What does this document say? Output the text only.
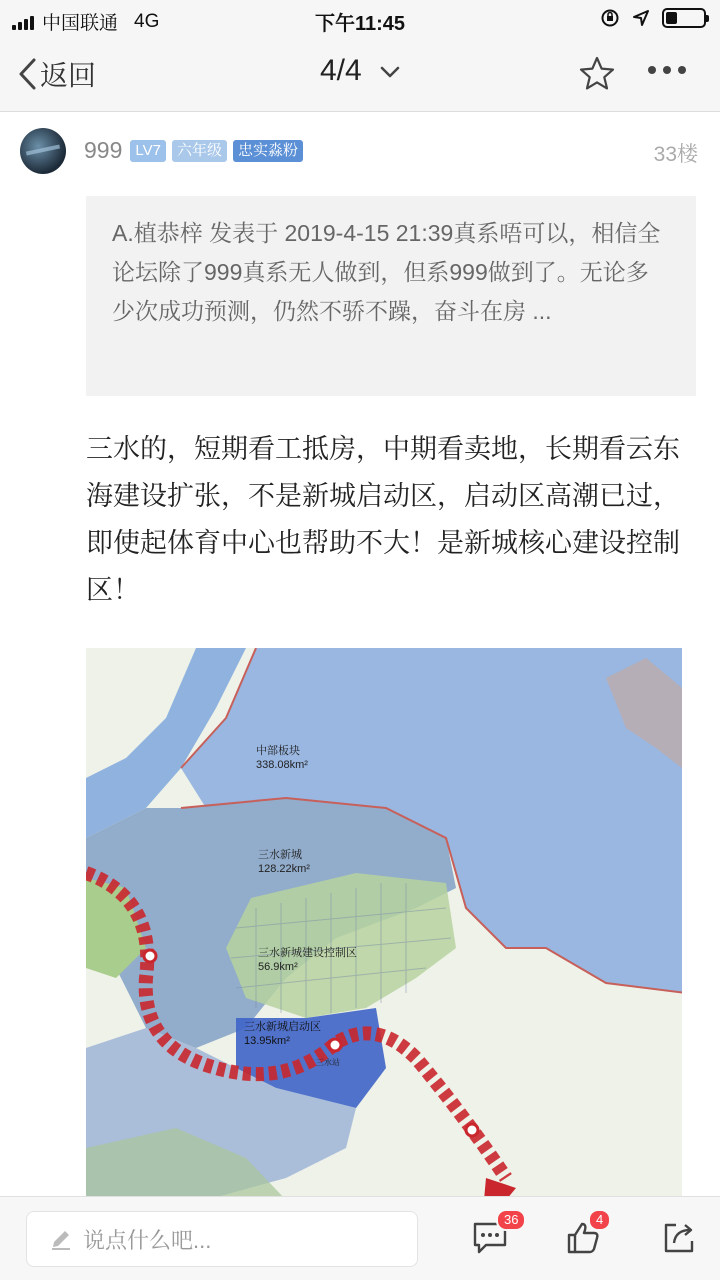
中国联通 4G	下午11:45
返回	4/4
999 LV7	六年级	忠实淼粉	33楼
A.植恭梓 发表于 2019-4-15 21:39真系唔可以，相信全论坛除了999真系无人做到，但系999做到了。无论多少次成功预测，仍然不骄不躁，奋斗在房 ...
三水的，短期看工抵房，中期看卖地，长期看云东海建设扩张，不是新城启动区，启动区高潮已过，即使起体育中心也帮助不大！是新城核心建设控制区！
中部板块
338.08km²
三水新城
128.22km²
三水新城建设控制区
56.9km²
三水新城启动区
13.95km²
三水站
说点什么吧...
36	4
